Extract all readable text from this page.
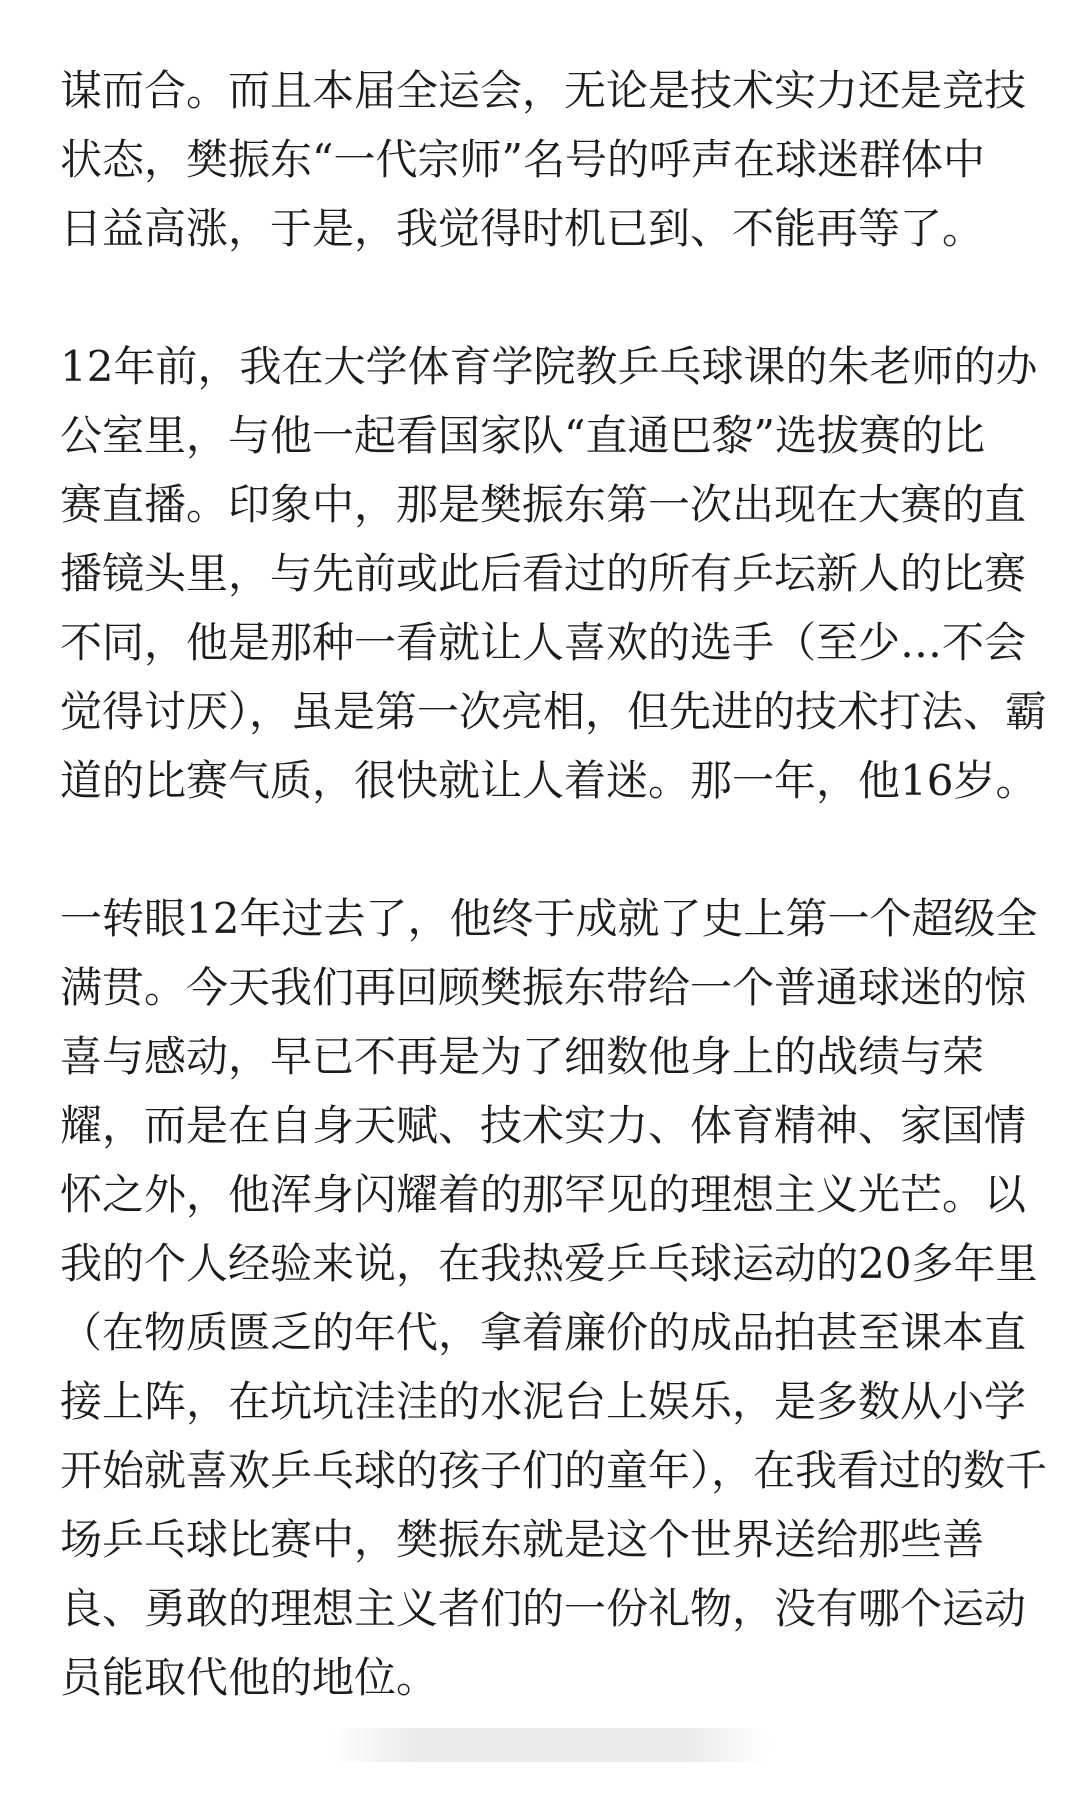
谋而合。而且本届全运会，无论是技术实力还是竞技
状态，樊振东“一代宗师”名号的呼声在球迷群体中
日益高涨，于是，我觉得时机已到、不能再等了。

12年前，我在大学体育学院教乒乓球课的朱老师的办
公室里，与他一起看国家队“直通巴黎”选拔赛的比
赛直播。印象中，那是樊振东第一次出现在大赛的直
播镜头里，与先前或此后看过的所有乒坛新人的比赛
不同，他是那种一看就让人喜欢的选手（至少…不会
觉得讨厌），虽是第一次亮相，但先进的技术打法、霸
道的比赛气质，很快就让人着迷。那一年，他16岁。

一转眼12年过去了，他终于成就了史上第一个超级全
满贯。今天我们再回顾樊振东带给一个普通球迷的惊
喜与感动，早已不再是为了细数他身上的战绩与荣
耀，而是在自身天赋、技术实力、体育精神、家国情
怀之外，他浑身闪耀着的那罕见的理想主义光芒。以
我的个人经验来说，在我热爱乒乓球运动的20多年里
（在物质匮乏的年代，拿着廉价的成品拍甚至课本直
接上阵，在坑坑洼洼的水泥台上娱乐，是多数从小学
开始就喜欢乒乓球的孩子们的童年），在我看过的数千
场乒乓球比赛中，樊振东就是这个世界送给那些善
良、勇敢的理想主义者们的一份礼物，没有哪个运动
员能取代他的地位。
